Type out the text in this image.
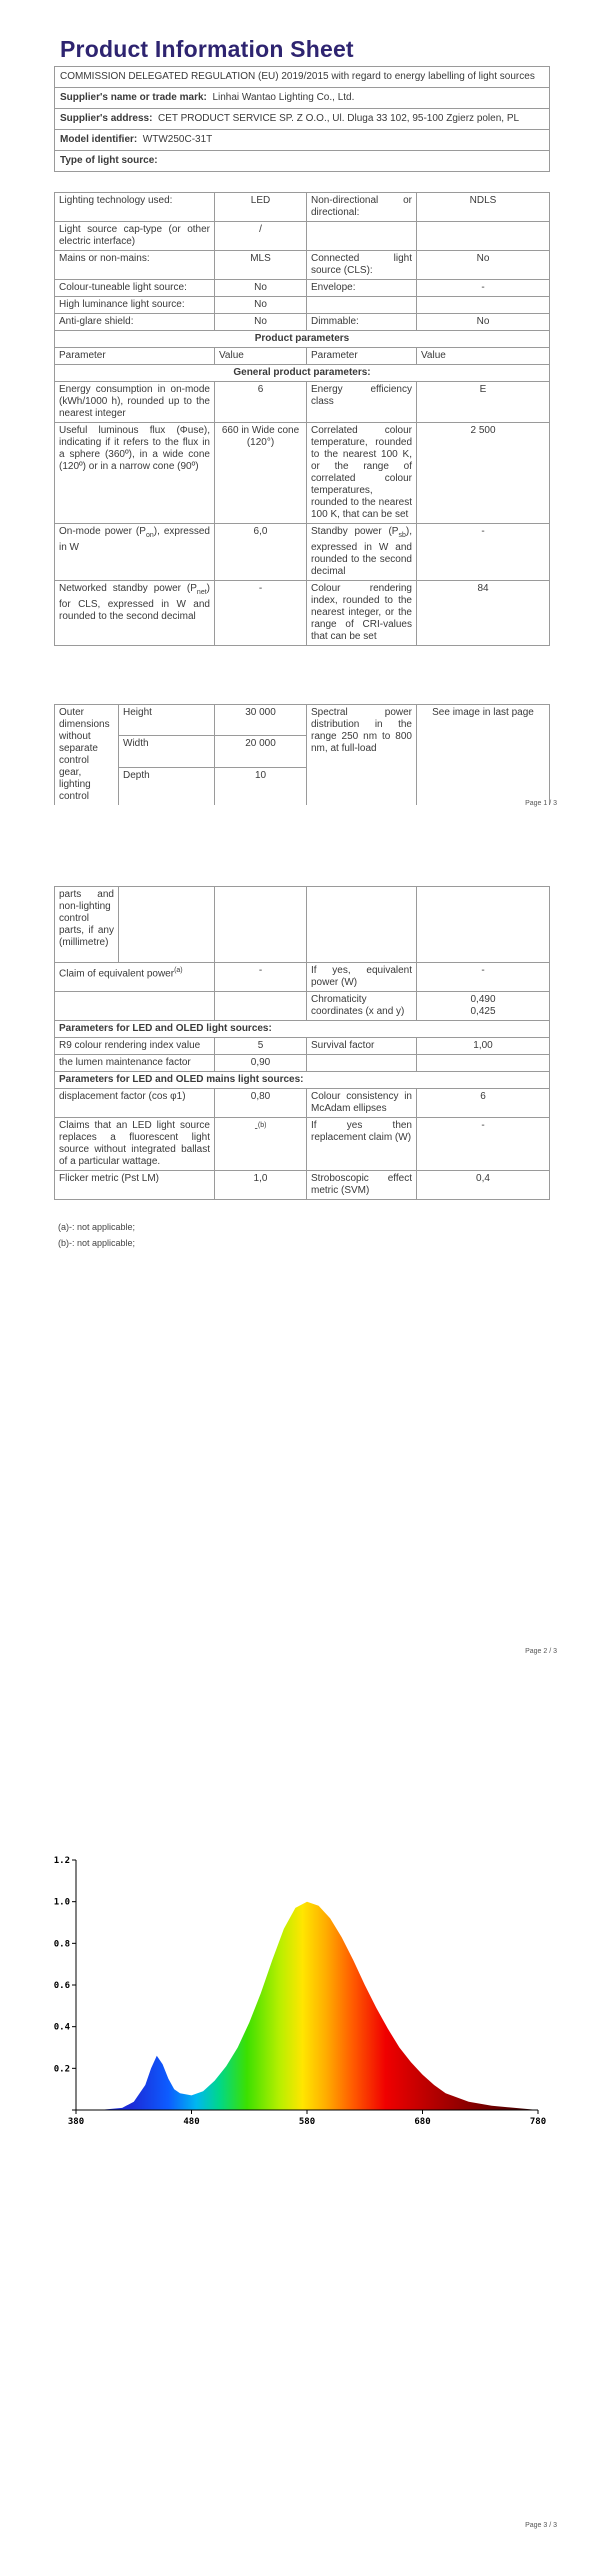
Product Information Sheet
COMMISSION DELEGATED REGULATION (EU) 2019/2015 with regard to energy labelling of light sources
Supplier's name or trade mark: Linhai Wantao Lighting Co., Ltd.
Supplier's address: CET PRODUCT SERVICE SP. Z O.O., Ul. Dluga 33 102, 95-100 Zgierz polen, PL
Model identifier: WTW250C-31T
Type of light source:
Lighting technology used:	LED	Non-directional or directional:	NDLS
Light source cap-type (or other electric interface)	/		
Mains or non-mains:	MLS	Connected light source (CLS):	No
Colour-tuneable light source:	No	Envelope:	-
High luminance light source:	No		
Anti-glare shield:	No	Dimmable:	No
Product parameters			
Parameter	Value	Parameter	Value
General product parameters:			
Energy consumption in on-mode (kWh/1000 h), rounded up to the nearest integer	6	Energy efficiency class	E
Useful luminous flux (Φuse), indicating if it refers to the flux in a sphere (360º), in a wide cone (120º) or in a narrow cone (90º)	660 in Wide cone (120°)	Correlated colour temperature, rounded to the nearest 100 K, or the range of correlated colour temperatures, rounded to the nearest 100 K, that can be set	2 500
On-mode power $(P_{on})$, expressed in W	6,0	Standby power $(P_{sb})$, expressed in W and rounded to the second decimal	-
Networked standby power $(P_{net})$ for CLS, expressed in W and rounded to the second decimal	-	Colour rendering index, rounded to the nearest integer, or the range of CRI-values that can be set	84
Outer dimensions without separate control gear, lighting control	Height	30 000	Spectral power distribution in the range 250 nm to 800 nm, at full-load	See image in last page
	Width	20 000		
	Depth	10		
Page 1 / 3
parts and non-lighting control parts, if any (millimetre)				
Claim of equivalent power$^{(a)}$		-	If yes, equivalent power (W)	-
			Chromaticity coordinates (x and y)	0,490
0,425
Parameters for LED and OLED light sources:				
R9 colour rendering index value		5	Survival factor	1,00
the lumen maintenance factor		0,90		
Parameters for LED and OLED mains light sources:				
displacement factor (cos φ1)		0,80	Colour consistency in McAdam ellipses	6
Claims that an LED light source replaces a fluorescent light source without integrated ballast of a particular wattage.		-$^{(b)}$	If yes then replacement claim (W)	-
Flicker metric (Pst LM)		1,0	Stroboscopic effect metric (SVM)	0,4
(a)-: not applicable;
(b)-: not applicable;
Page 2 / 3
380	480	580	680	780
0.2
0.4
0.6
0.8
1.0
1.2
Page 3 / 3
